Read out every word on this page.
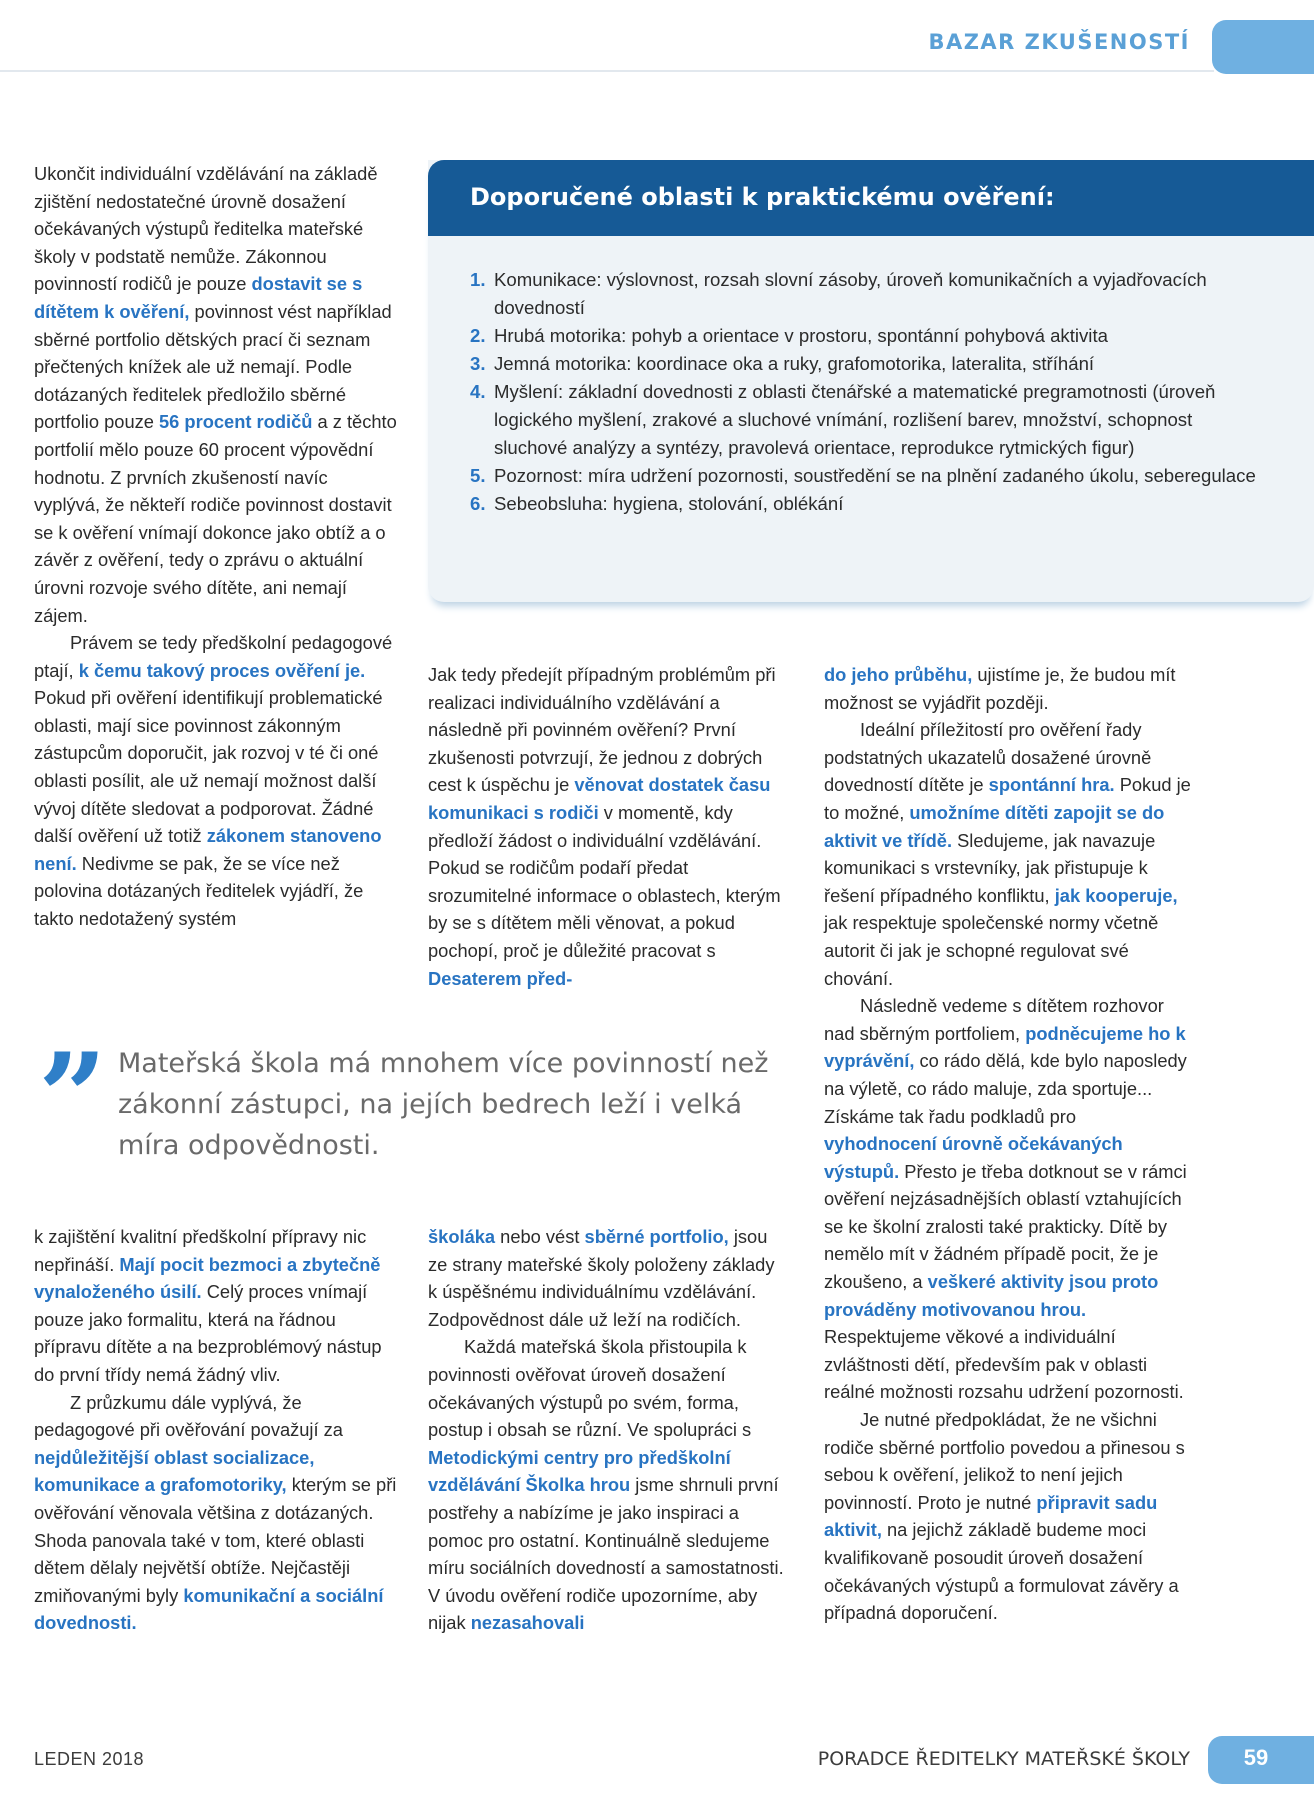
BAZAR ZKUŠENOSTÍ
Doporučené oblasti k praktickému ověření:
1. Komunikace: výslovnost, rozsah slovní zásoby, úroveň komunikačních a vyjadřovacích dovedností
2. Hrubá motorika: pohyb a orientace v prostoru, spontánní pohybová aktivita
3. Jemná motorika: koordinace oka a ruky, grafomotorika, lateralita, stříhání
4. Myšlení: základní dovednosti z oblasti čtenářské a matematické pregramotnosti (úroveň logického myšlení, zrakové a sluchové vnímání, rozlišení barev, množství, schopnost sluchové analýzy a syntézy, pravolevá orientace, reprodukce rytmických figur)
5. Pozornost: míra udržení pozornosti, soustředění se na plnění zadaného úkolu, seberegulace
6. Sebeobsluha: hygiena, stolování, oblékání

Ukončit individuální vzdělávání na základě zjištění nedostatečné úrovně dosažení očekávaných výstupů ředitelka mateřské školy v podstatě nemůže. Zákonnou povinností rodičů je pouze dostavit se s dítětem k ověření, povinnost vést například sběrné portfolio dětských prací či seznam přečtených knížek ale už nemají. Podle dotázaných ředitelek předložilo sběrné portfolio pouze 56 procent rodičů a z těchto portfolií mělo pouze 60 procent výpovědní hodnotu. Z prvních zkušeností navíc vyplývá, že někteří rodiče povinnost dostavit se k ověření vnímají dokonce jako obtíž a o závěr z ověření, tedy o zprávu o aktuální úrovni rozvoje svého dítěte, ani nemají zájem.

Právem se tedy předškolní pedagogové ptají, k čemu takový proces ověření je. Pokud při ověření identifikují problematické oblasti, mají sice povinnost zákonným zástupcům doporučit, jak rozvoj v té či oné oblasti posílit, ale už nemají možnost další vývoj dítěte sledovat a podporovat. Žádné další ověření už totiž zákonem stanoveno není. Nedivme se pak, že se více než polovina dotázaných ředitelek vyjádří, že takto nedotažený systém

Jak tedy předejít případným problémům při realizaci individuálního vzdělávání a následně při povinném ověření? První zkušenosti potvrzují, že jednou z dobrých cest k úspěchu je věnovat dostatek času komunikaci s rodiči v momentě, kdy předloží žádost o individuální vzdělávání. Pokud se rodičům podaří předat srozumitelné informace o oblastech, kterým by se s dítětem měli věnovat, a pokud pochopí, proč je důležité pracovat s Desaterem před-

do jeho průběhu, ujistíme je, že budou mít možnost se vyjádřit později.

Ideální příležitostí pro ověření řady podstatných ukazatelů dosažené úrovně dovedností dítěte je spontánní hra. Pokud je to možné, umožníme dítěti zapojit se do aktivit ve třídě. Sledujeme, jak navazuje komunikaci s vrstevníky, jak přistupuje k řešení případného konfliktu, jak kooperuje, jak respektuje společenské normy včetně autorit či jak je schopné regulovat své chování.

Následně vedeme s dítětem rozhovor nad sběrným portfoliem, podněcujeme ho k vyprávění, co rádo dělá, kde bylo naposledy na výletě, co rádo maluje, zda sportuje... Získáme tak řadu podkladů pro vyhodnocení úrovně očekávaných výstupů. Přesto je třeba dotknout se v rámci ověření nejzásadnějších oblastí vztahujících se ke školní zralosti také prakticky. Dítě by nemělo mít v žádném případě pocit, že je zkoušeno, a veškeré aktivity jsou proto prováděny motivovanou hrou. Respektujeme věkové a individuální zvláštnosti dětí, především pak v oblasti reálné možnosti rozsahu udržení pozornosti.

Je nutné předpokládat, že ne všichni rodiče sběrné portfolio povedou a přinesou s sebou k ověření, jelikož to není jejich povinností. Proto je nutné připravit sadu aktivit, na jejichž základě budeme moci kvalifikovaně posoudit úroveň dosažení očekávaných výstupů a formulovat závěry a případná doporučení.

” Mateřská škola má mnohem více povinností než zákonní zástupci, na jejích bedrech leží i velká míra odpovědnosti.

k zajištění kvalitní předškolní přípravy nic nepřináší. Mají pocit bezmoci a zbytečně vynaloženého úsilí. Celý proces vnímají pouze jako formalitu, která na řádnou přípravu dítěte a na bezproblémový nástup do první třídy nemá žádný vliv.

Z průzkumu dále vyplývá, že pedagogové při ověřování považují za nejdůležitější oblast socializace, komunikace a grafomotoriky, kterým se při ověřování věnovala většina z dotázaných. Shoda panovala také v tom, které oblasti dětem dělaly největší obtíže. Nejčastěji zmiňovanými byly komunikační a sociální dovednosti.

školáka nebo vést sběrné portfolio, jsou ze strany mateřské školy položeny základy k úspěšnému individuálnímu vzdělávání. Zodpovědnost dále už leží na rodičích.

Každá mateřská škola přistoupila k povinnosti ověřovat úroveň dosažení očekávaných výstupů po svém, forma, postup i obsah se různí. Ve spolupráci s Metodickými centry pro předškolní vzdělávání Školka hrou jsme shrnuli první postřehy a nabízíme je jako inspiraci a pomoc pro ostatní. Kontinuálně sledujeme míru sociálních dovedností a samostatnosti. V úvodu ověření rodiče upozorníme, aby nijak nezasahovali

LEDEN 2018	PORADCE ŘEDITELKY MATEŘSKÉ ŠKOLY	59
